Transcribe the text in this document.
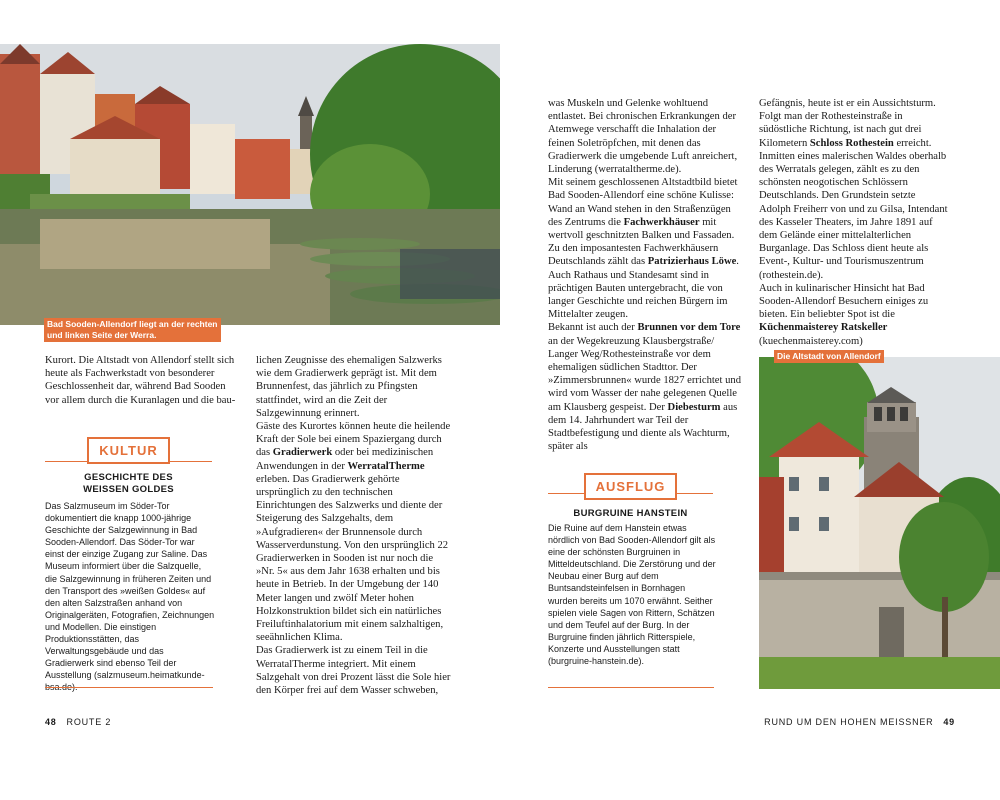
Bad Sooden-Allendorf liegt an der rechten
und linken Seite der Werra.

Kurort. Die Altstadt von Allendorf stellt sich heute als Fachwerkstadt von besonderer Geschlossenheit dar, während Bad Sooden vor allem durch die Kuranlagen und die bau-

KULTUR
GESCHICHTE DES
WEISSEN GOLDES
Das Salzmuseum im Söder-Tor dokumentiert die knapp 1000-jährige Geschichte der Salzgewinnung in Bad Sooden-Allendorf. Das Söder-Tor war einst der einzige Zugang zur Saline. Das Museum informiert über die Salzquelle, die Salzgewinnung in früheren Zeiten und den Transport des »weißen Goldes« auf den alten Salzstraßen anhand von Originalgeräten, Fotografien, Zeichnungen und Modellen. Die einstigen Produktionsstätten, das Verwaltungsgebäude und das Gradierwerk sind ebenso Teil der Ausstellung (salzmuseum.heimatkunde-

lichen Zeugnisse des ehemaligen Salzwerks wie dem Gradierwerk geprägt ist. Mit dem Brunnenfest, das jährlich zu Pfingsten stattfindet, wird an die Zeit der Salzgewinnung erinnert.

Gäste des Kurortes können heute die heilende Kraft der Sole bei einem Spaziergang durch das Gradierwerk oder bei medizinischen Anwendungen in der WerratalTherme erleben. Das Gradierwerk gehörte ursprünglich zu den technischen Einrichtungen des Salzwerks und diente der Steigerung des Salzgehalts, dem »Aufgradieren« der Brunnensole durch Wasserverdunstung. Von den ursprünglich 22 Gradierwerken in Sooden ist nur noch die »Nr. 5« aus dem Jahr 1638 erhalten und bis heute in Betrieb. In der Umgebung der 140 Meter langen und zwölf Meter hohen Holzkonstruktion bildet sich ein natürliches Freiluftinhalatorium mit einem salzhaltigen, seeähnlichen Klima.

Das Gradierwerk ist zu einem Teil in die WerratalTherme integriert. Mit einem Salzgehalt von drei Prozent lässt die Sole hier den Körper frei auf dem Wasser schweben,

was Muskeln und Gelenke wohltuend entlastet. Bei chronischen Erkrankungen der Atemwege verschafft die Inhalation der feinen Soletröpfchen, mit denen das Gradierwerk die umgebende Luft anreichert, Linderung (werrataltherme.de).

Mit seinem geschlossenen Altstadtbild bietet Bad Sooden-Allendorf eine schöne Kulisse: Wand an Wand stehen in den Straßenzügen des Zentrums die Fachwerkhäuser mit wertvoll geschnitzten Balken und Fassaden. Zu den imposantesten Fachwerkhäusern Deutschlands zählt das Patrizierhaus Löwe. Auch Rathaus und Standesamt sind in prächtigen Bauten untergebracht, die von langer Geschichte und reichen Bürgern im Mittelalter zeugen.

Bekannt ist auch der Brunnen vor dem Tore an der Wegekreuzung Klausbergstraße/ Langer Weg/Rothesteinstraße vor dem ehemaligen südlichen Stadttor. Der »Zimmersbrunnen« wurde 1827 errichtet und wird vom Wasser der nahe gelegenen Quelle am Klausberg gespeist. Der Diebesturm aus dem 14. Jahrhundert war Teil der Stadtbefestigung und diente als Wachturm, später als

AUSFLUG
BURGRUINE HANSTEIN
Die Ruine auf dem Hanstein etwas nördlich von Bad Sooden-Allendorf gilt als eine der schönsten Burgruinen in Mitteldeutschland. Die Zerstörung und der Neubau einer Burg auf dem Buntsandsteinfelsen in Bornhagen wurden bereits um 1070 erwähnt. Seither spielen viele Sagen von Rittern, Schätzen und dem Teufel auf der Burg. In der Burgruine finden jährlich Ritterspiele, Konzerte und Ausstellungen statt (burgruine-hanstein.de).

Gefängnis, heute ist er ein Aussichtsturm. Folgt man der Rothesteinstraße in südöstliche Richtung, ist nach gut drei Kilometern Schloss Rothestein erreicht. Inmitten eines malerischen Waldes oberhalb des Werratals gelegen, zählt es zu den schönsten neogotischen Schlössern Deutschlands. Den Grundstein setzte Adolph Freiherr von und zu Gilsa, Intendant des Kasseler Theaters, im Jahre 1891 auf dem Gelände einer mittelalterlichen Burganlage. Das Schloss dient heute als Event-, Kultur- und Tourismuszentrum (rothestein.de).

Auch in kulinarischer Hinsicht hat Bad Sooden-Allendorf Besuchern einiges zu bieten. Ein beliebter Spot ist die Küchenmaisterey Ratskeller (kuechenmaisterey.com)

Die Altstadt von Allendorf
48 ROUTE 2	RUND UM DEN HOHEN MEISSNER 49
